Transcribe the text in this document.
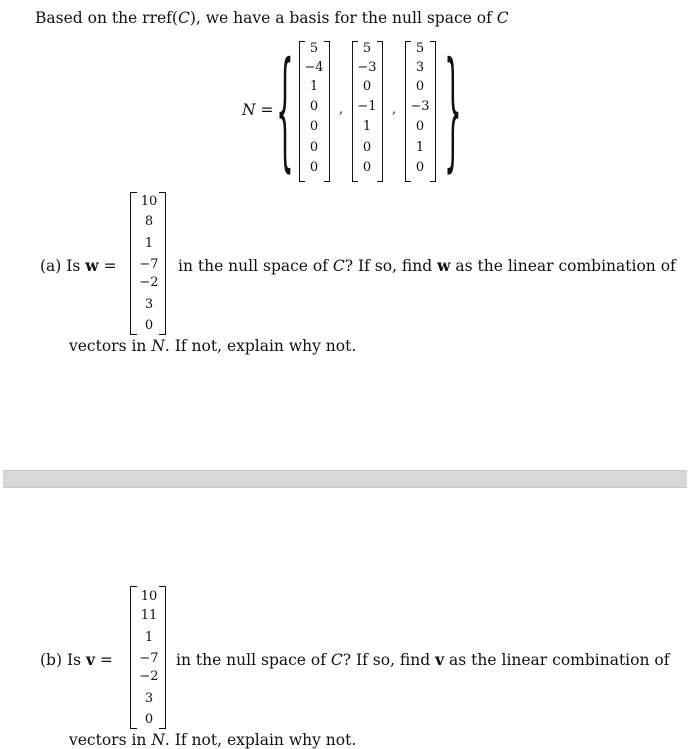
Based on the rref(C), we have a basis for the null space of C
N = {	}
5
−4
1
0
0
0
0
,
5
−3
0
−1
1
0
0
,
5
3
0
−3
0
1
0
(a) Is w =
10
8
1
−7
−2
3
0
in the null space of C? If so, find w as the linear combination of
vectors in N. If not, explain why not.
(b) Is v =
10
11
1
−7
−2
3
0
in the null space of C? If so, find v as the linear combination of
vectors in N. If not, explain why not.
